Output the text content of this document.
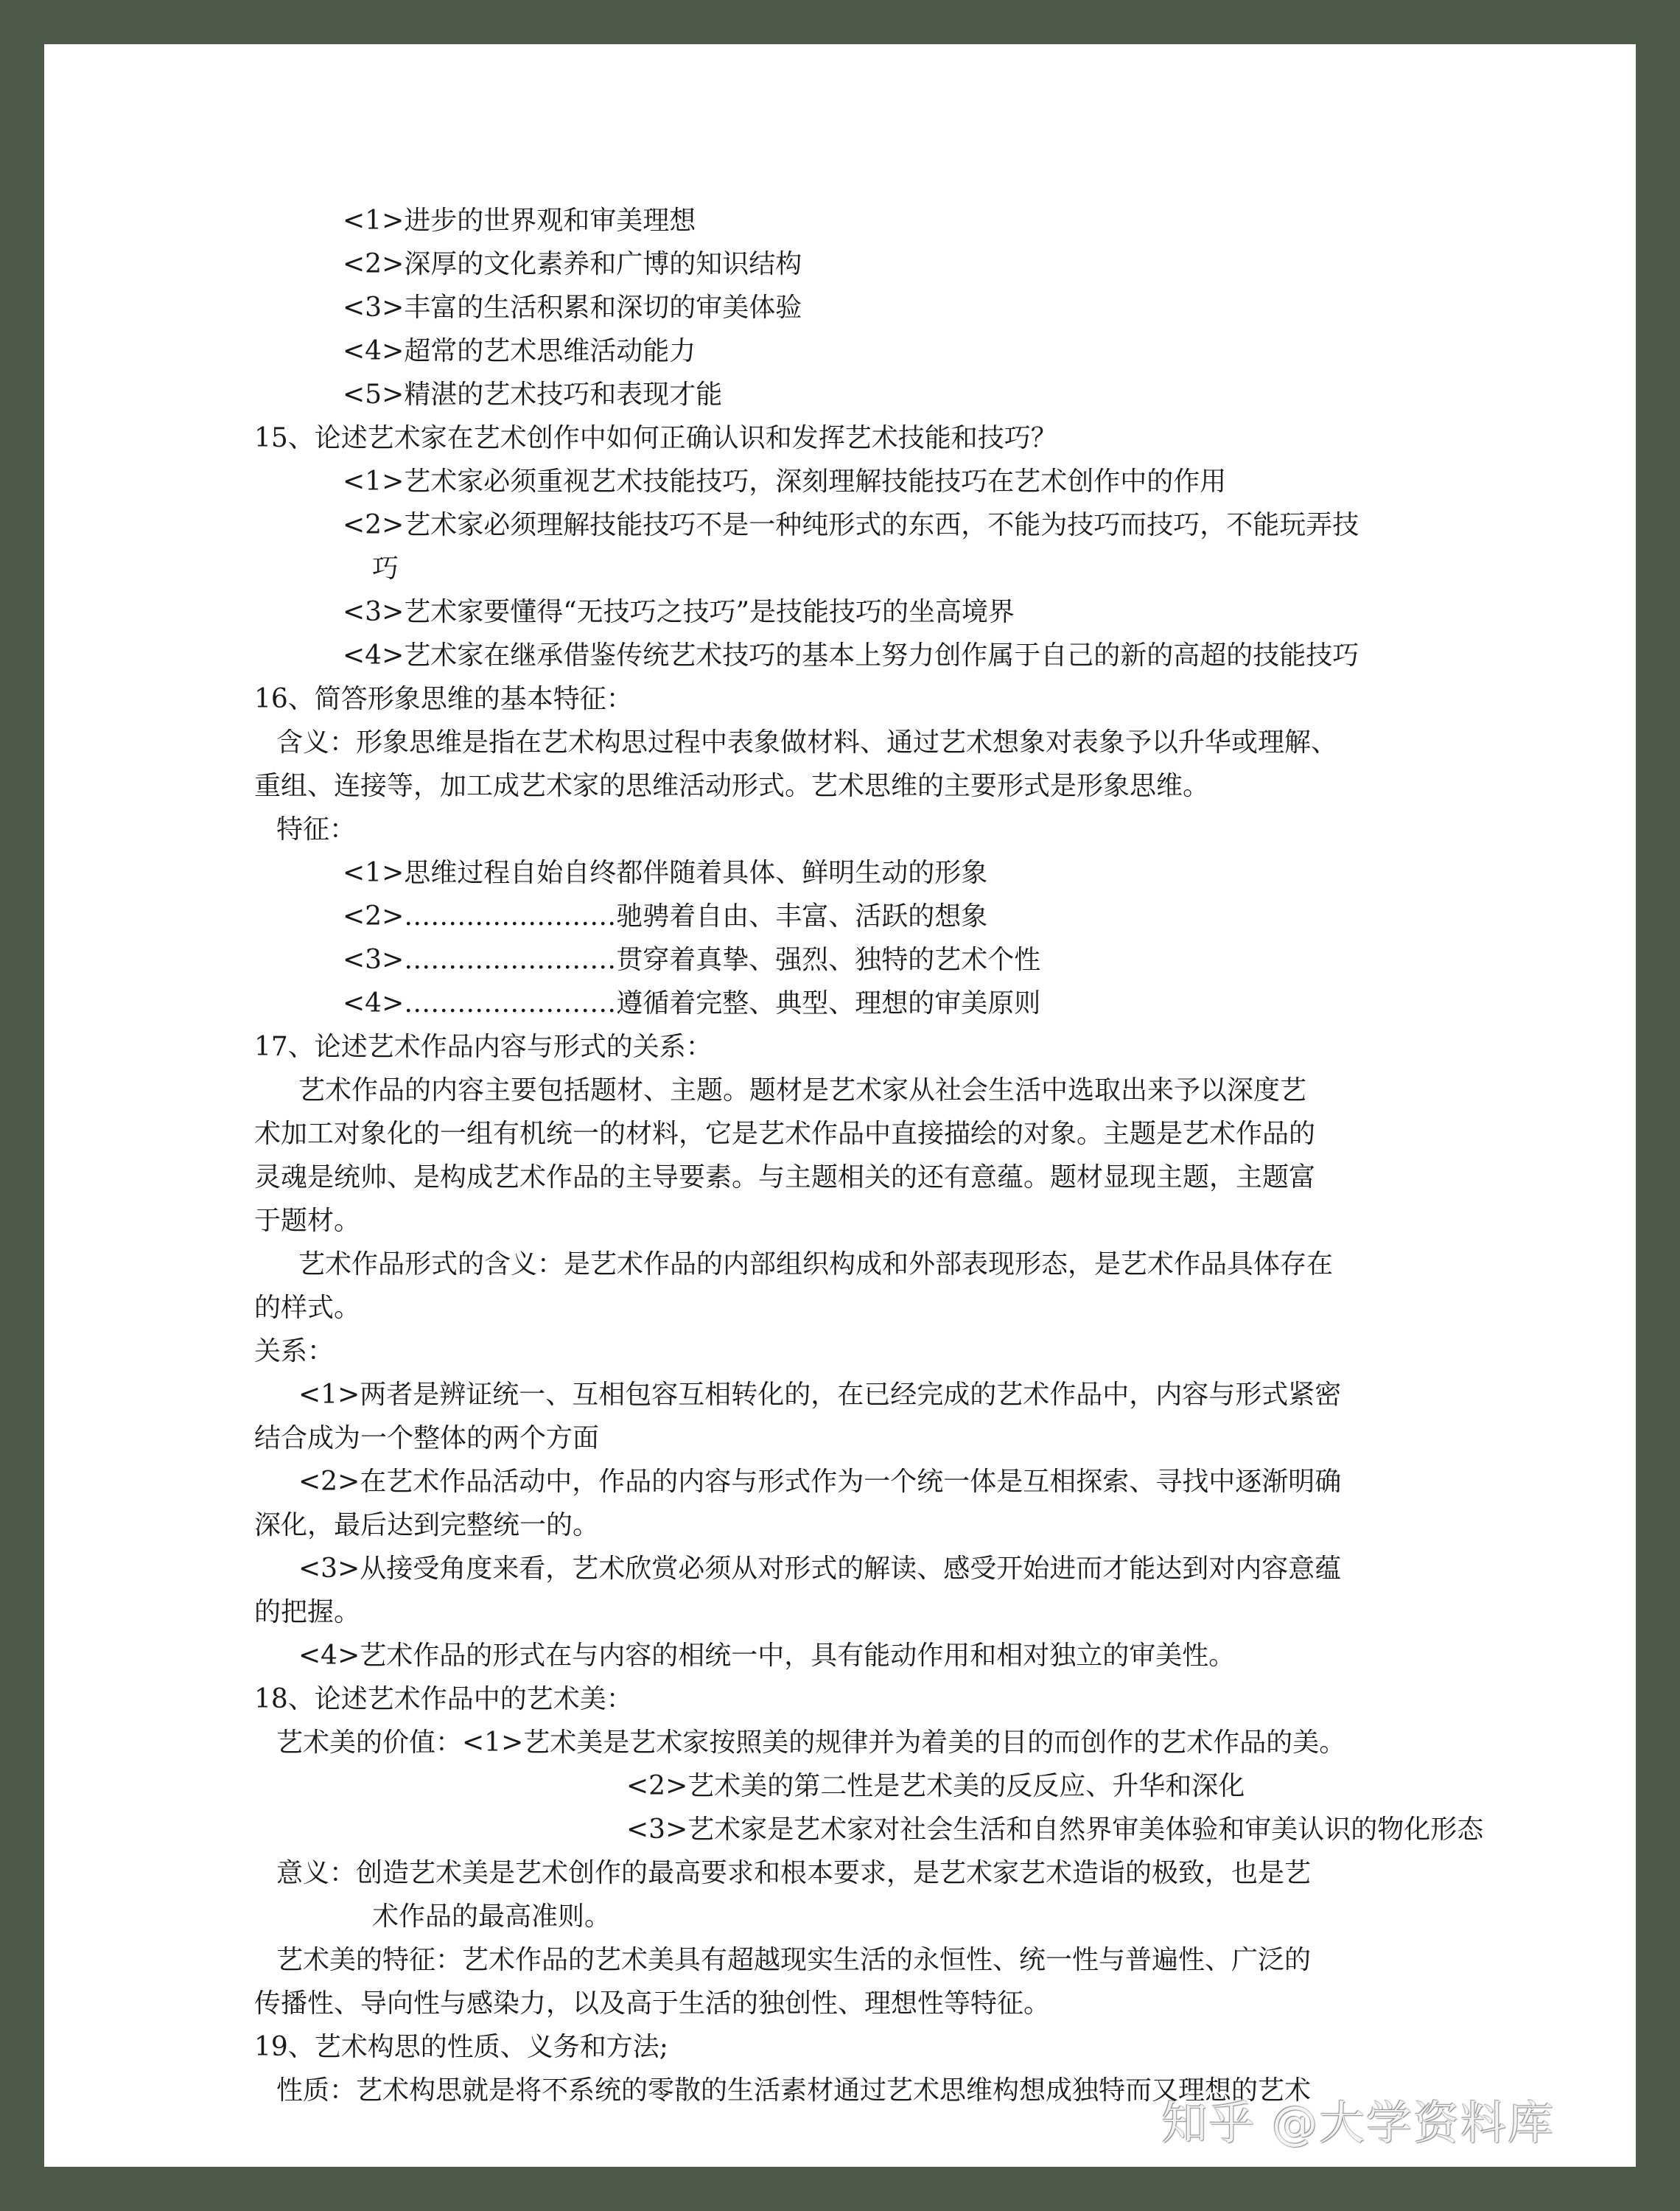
<1>进步的世界观和审美理想
<2>深厚的文化素养和广博的知识结构
<3>丰富的生活积累和深切的审美体验
<4>超常的艺术思维活动能力
<5>精湛的艺术技巧和表现才能
15、论述艺术家在艺术创作中如何正确认识和发挥艺术技能和技巧？
<1>艺术家必须重视艺术技能技巧，深刻理解技能技巧在艺术创作中的作用
<2>艺术家必须理解技能技巧不是一种纯形式的东西，不能为技巧而技巧，不能玩弄技
巧
<3>艺术家要懂得“无技巧之技巧”是技能技巧的坐高境界
<4>艺术家在继承借鉴传统艺术技巧的基本上努力创作属于自己的新的高超的技能技巧
16、简答形象思维的基本特征：
含义：形象思维是指在艺术构思过程中表象做材料、通过艺术想象对表象予以升华或理解、
重组、连接等，加工成艺术家的思维活动形式。艺术思维的主要形式是形象思维。
特征：
<1>思维过程自始自终都伴随着具体、鲜明生动的形象
<2>……………………驰骋着自由、丰富、活跃的想象
<3>……………………贯穿着真挚、强烈、独特的艺术个性
<4>……………………遵循着完整、典型、理想的审美原则
17、论述艺术作品内容与形式的关系：
艺术作品的内容主要包括题材、主题。题材是艺术家从社会生活中选取出来予以深度艺
术加工对象化的一组有机统一的材料，它是艺术作品中直接描绘的对象。主题是艺术作品的
灵魂是统帅、是构成艺术作品的主导要素。与主题相关的还有意蕴。题材显现主题，主题富
于题材。
艺术作品形式的含义：是艺术作品的内部组织构成和外部表现形态，是艺术作品具体存在
的样式。
关系：
<1>两者是辨证统一、互相包容互相转化的，在已经完成的艺术作品中，内容与形式紧密
结合成为一个整体的两个方面
<2>在艺术作品活动中，作品的内容与形式作为一个统一体是互相探索、寻找中逐渐明确
深化，最后达到完整统一的。
<3>从接受角度来看，艺术欣赏必须从对形式的解读、感受开始进而才能达到对内容意蕴
的把握。
<4>艺术作品的形式在与内容的相统一中，具有能动作用和相对独立的审美性。
18、论述艺术作品中的艺术美：
艺术美的价值：<1>艺术美是艺术家按照美的规律并为着美的目的而创作的艺术作品的美。
<2>艺术美的第二性是艺术美的反反应、升华和深化
<3>艺术家是艺术家对社会生活和自然界审美体验和审美认识的物化形态
意义：创造艺术美是艺术创作的最高要求和根本要求，是艺术家艺术造诣的极致，也是艺
术作品的最高准则。
艺术美的特征：艺术作品的艺术美具有超越现实生活的永恒性、统一性与普遍性、广泛的
传播性、导向性与感染力，以及高于生活的独创性、理想性等特征。
19、艺术构思的性质、义务和方法;
性质：艺术构思就是将不系统的零散的生活素材通过艺术思维构想成独特而又理想的艺术
知乎 @大学资料库
